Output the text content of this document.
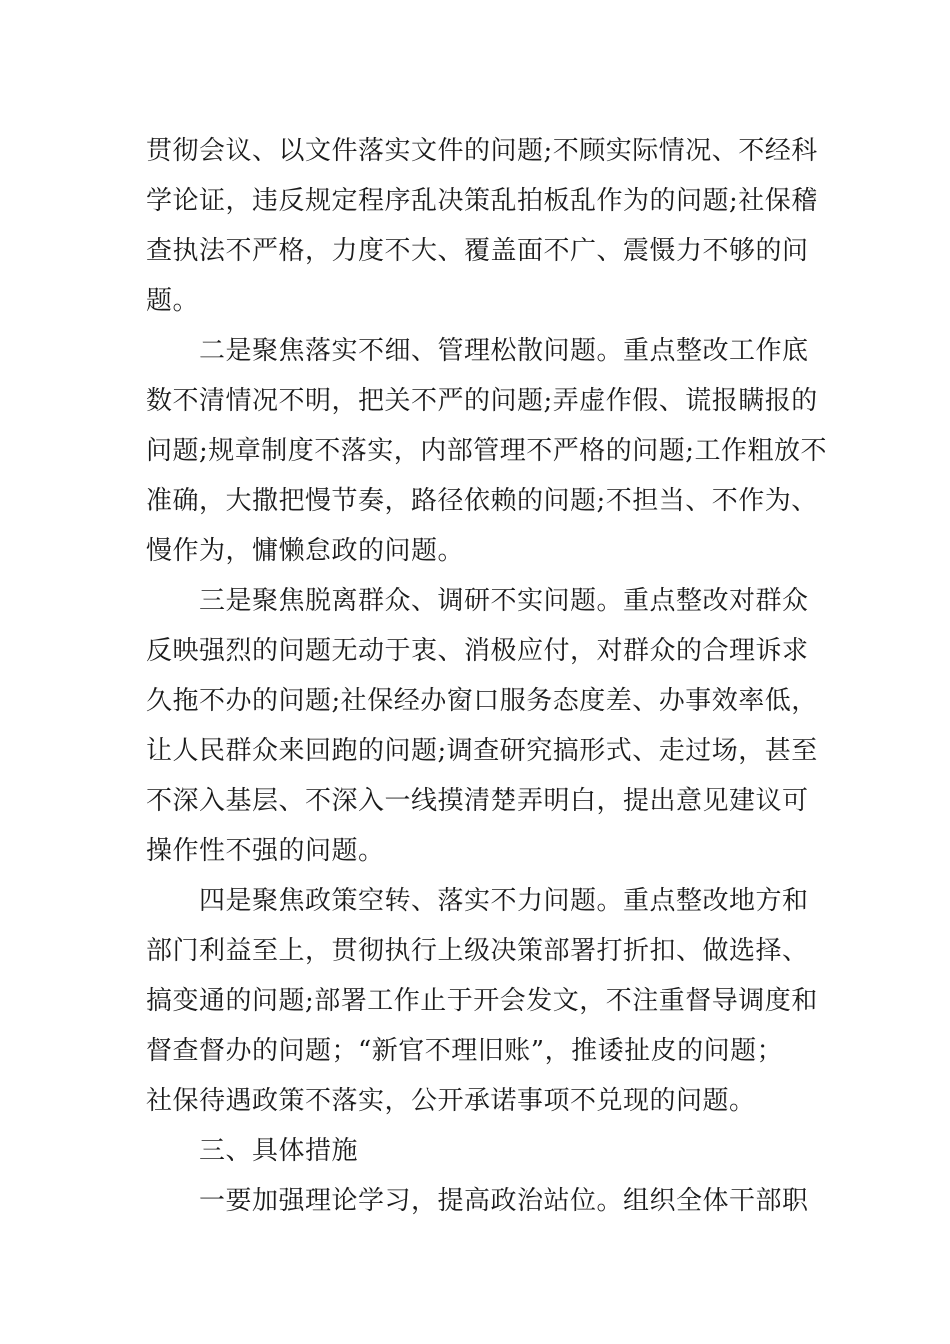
贯彻会议、以文件落实文件的问题;不顾实际情况、不经科
学论证，违反规定程序乱决策乱拍板乱作为的问题;社保稽
查执法不严格，力度不大、覆盖面不广、震慑力不够的问
题。
　　二是聚焦落实不细、管理松散问题。重点整改工作底
数不清情况不明，把关不严的问题;弄虚作假、谎报瞒报的
问题;规章制度不落实，内部管理不严格的问题;工作粗放不
准确，大撒把慢节奏，路径依赖的问题;不担当、不作为、
慢作为，慵懒怠政的问题。
　　三是聚焦脱离群众、调研不实问题。重点整改对群众
反映强烈的问题无动于衷、消极应付，对群众的合理诉求
久拖不办的问题;社保经办窗口服务态度差、办事效率低，
让人民群众来回跑的问题;调查研究搞形式、走过场，甚至
不深入基层、不深入一线摸清楚弄明白，提出意见建议可
操作性不强的问题。
　　四是聚焦政策空转、落实不力问题。重点整改地方和
部门利益至上，贯彻执行上级决策部署打折扣、做选择、
搞变通的问题;部署工作止于开会发文，不注重督导调度和
督查督办的问题；“新官不理旧账”，推诿扯皮的问题；
社保待遇政策不落实，公开承诺事项不兑现的问题。
　　三、具体措施
　　一要加强理论学习，提高政治站位。组织全体干部职
